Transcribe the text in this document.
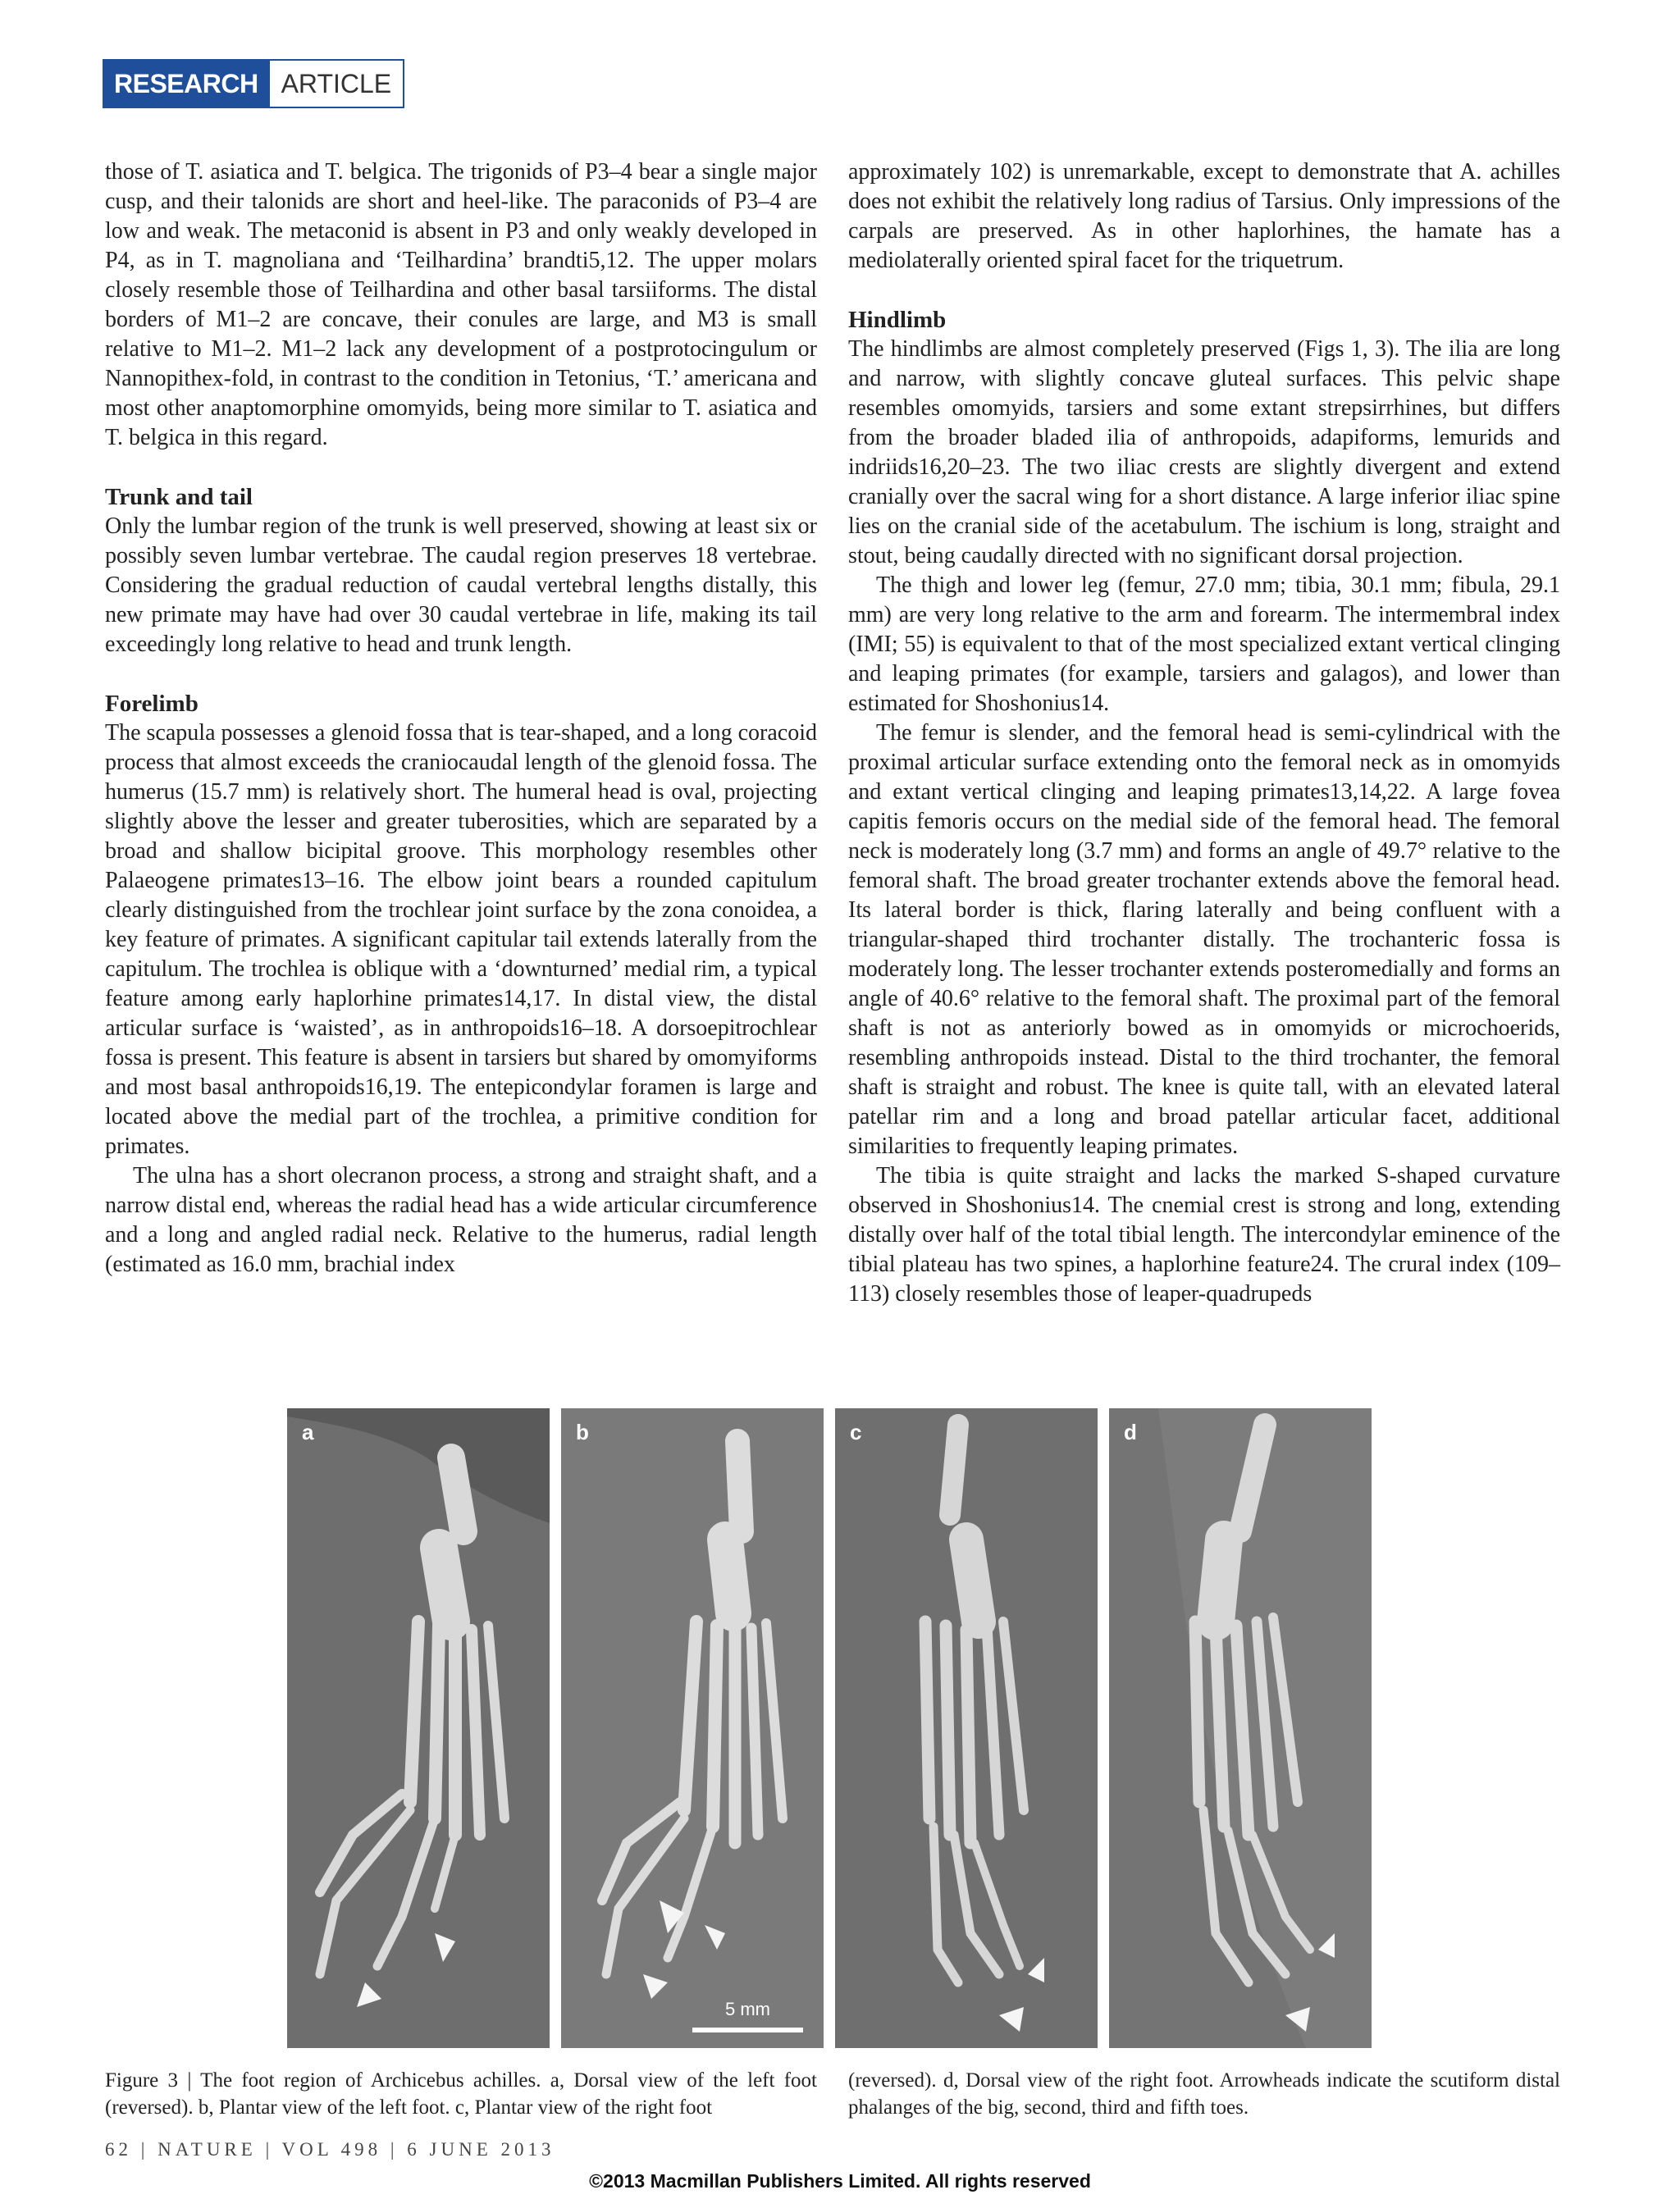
RESEARCH ARTICLE

those of T. asiatica and T. belgica. The trigonids of P3–4 bear a single major cusp, and their talonids are short and heel-like. The paraconids of P3–4 are low and weak. The metaconid is absent in P3 and only weakly developed in P4, as in T. magnoliana and ‘Teilhardina’ brandti5,12. The upper molars closely resemble those of Teilhardina and other basal tarsiiforms. The distal borders of M1–2 are concave, their conules are large, and M3 is small relative to M1–2. M1–2 lack any development of a postprotocingulum or Nannopithex-fold, in contrast to the condition in Tetonius, ‘T.’ americana and most other anaptomorphine omomyids, being more similar to T. asiatica and T. belgica in this regard.

Trunk and tail

Only the lumbar region of the trunk is well preserved, showing at least six or possibly seven lumbar vertebrae. The caudal region preserves 18 vertebrae. Considering the gradual reduction of caudal vertebral lengths distally, this new primate may have had over 30 caudal vertebrae in life, making its tail exceedingly long relative to head and trunk length.

Forelimb

The scapula possesses a glenoid fossa that is tear-shaped, and a long coracoid process that almost exceeds the craniocaudal length of the glenoid fossa. The humerus (15.7 mm) is relatively short. The humeral head is oval, projecting slightly above the lesser and greater tuberosities, which are separated by a broad and shallow bicipital groove. This morphology resembles other Palaeogene primates13–16. The elbow joint bears a rounded capitulum clearly distinguished from the trochlear joint surface by the zona conoidea, a key feature of primates. A significant capitular tail extends laterally from the capitulum. The trochlea is oblique with a ‘downturned’ medial rim, a typical feature among early haplorhine primates14,17. In distal view, the distal articular surface is ‘waisted’, as in anthropoids16–18. A dorsoepitrochlear fossa is present. This feature is absent in tarsiers but shared by omomyiforms and most basal anthropoids16,19. The entepicondylar foramen is large and located above the medial part of the trochlea, a primitive condition for primates.

The ulna has a short olecranon process, a strong and straight shaft, and a narrow distal end, whereas the radial head has a wide articular circumference and a long and angled radial neck. Relative to the humerus, radial length (estimated as 16.0 mm, brachial index

approximately 102) is unremarkable, except to demonstrate that A. achilles does not exhibit the relatively long radius of Tarsius. Only impressions of the carpals are preserved. As in other haplorhines, the hamate has a mediolaterally oriented spiral facet for the triquetrum.

Hindlimb

The hindlimbs are almost completely preserved (Figs 1, 3). The ilia are long and narrow, with slightly concave gluteal surfaces. This pelvic shape resembles omomyids, tarsiers and some extant strepsirrhines, but differs from the broader bladed ilia of anthropoids, adapiforms, lemurids and indriids16,20–23. The two iliac crests are slightly divergent and extend cranially over the sacral wing for a short distance. A large inferior iliac spine lies on the cranial side of the acetabulum. The ischium is long, straight and stout, being caudally directed with no significant dorsal projection.

The thigh and lower leg (femur, 27.0 mm; tibia, 30.1 mm; fibula, 29.1 mm) are very long relative to the arm and forearm. The intermembral index (IMI; 55) is equivalent to that of the most specialized extant vertical clinging and leaping primates (for example, tarsiers and galagos), and lower than estimated for Shoshonius14.

The femur is slender, and the femoral head is semi-cylindrical with the proximal articular surface extending onto the femoral neck as in omomyids and extant vertical clinging and leaping primates13,14,22. A large fovea capitis femoris occurs on the medial side of the femoral head. The femoral neck is moderately long (3.7 mm) and forms an angle of 49.7° relative to the femoral shaft. The broad greater trochanter extends above the femoral head. Its lateral border is thick, flaring laterally and being confluent with a triangular-shaped third trochanter distally. The trochanteric fossa is moderately long. The lesser trochanter extends posteromedially and forms an angle of 40.6° relative to the femoral shaft. The proximal part of the femoral shaft is not as anteriorly bowed as in omomyids or microchoerids, resembling anthropoids instead. Distal to the third trochanter, the femoral shaft is straight and robust. The knee is quite tall, with an elevated lateral patellar rim and a long and broad patellar articular facet, additional similarities to frequently leaping primates.

The tibia is quite straight and lacks the marked S-shaped curvature observed in Shoshonius14. The cnemial crest is strong and long, extending distally over half of the total tibial length. The intercondylar eminence of the tibial plateau has two spines, a haplorhine feature24. The crural index (109–113) closely resembles those of leaper-quadrupeds

a	b
5 mm
c	d
Figure 3 | The foot region of Archicebus achilles. a, Dorsal view of the left foot (reversed). b, Plantar view of the left foot. c, Plantar view of the right foot
(reversed). d, Dorsal view of the right foot. Arrowheads indicate the scutiform distal phalanges of the big, second, third and fifth toes.
62 | NATURE | VOL 498 | 6 JUNE 2013
©2013 Macmillan Publishers Limited. All rights reserved
